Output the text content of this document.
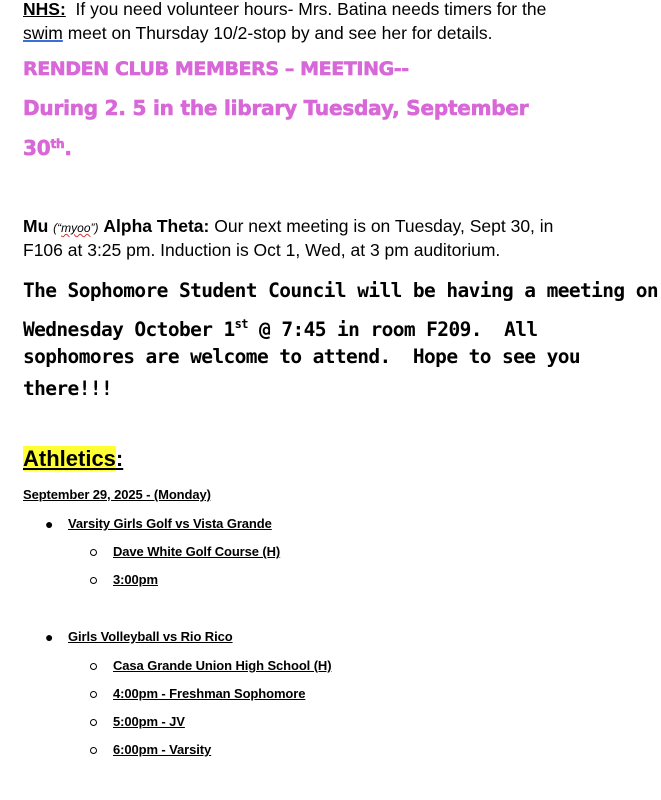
NHS:  If you need volunteer hours- Mrs. Batina needs timers for the

swim meet on Thursday 10/2-stop by and see her for details.

RENDEN CLUB MEMBERS – MEETING--

During 2. 5 in the library Tuesday, September

30th.

Mu (“myoo”) Alpha Theta: Our next meeting is on Tuesday, Sept 30, in

F106 at 3:25 pm. Induction is Oct 1, Wed, at 3 pm auditorium.

The Sophomore Student Council will be having a meeting on

Wednesday October 1st @ 7:45 in room F209.  All

sophomores are welcome to attend.  Hope to see you

there!!!

Athletics:

September 29, 2025 - (Monday)

● Varsity Girls Golf vs Vista Grande

Dave White Golf Course (H)

3:00pm

● Girls Volleyball vs Rio Rico

Casa Grande Union High School (H)

4:00pm - Freshman Sophomore

5:00pm - JV

6:00pm - Varsity
